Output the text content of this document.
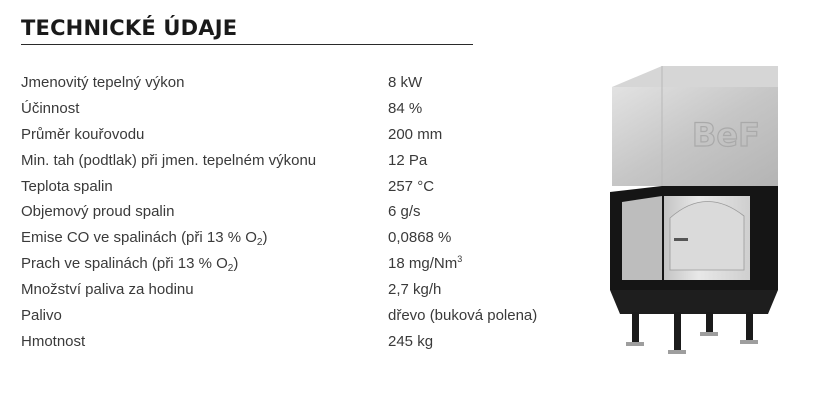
TECHNICKÉ ÚDAJE
Jmenovitý tepelný výkon	8 kW
Účinnost	84 %
Průměr kouřovodu	200 mm
Min. tah (podtlak) při jmen. tepelném výkonu	12 Pa
Teplota spalin	257 °C
Objemový proud spalin	6 g/s
Emise CO ve spalinách (při 13 % $O_2$)	0,0868 %
Prach ve spalinách (při 13 % $O_2$)	18 mg/Nm$^3$
Množství paliva za hodinu	2,7 kg/h
Palivo	dřevo (buková polena)
Hmotnost	245 kg
BeF
